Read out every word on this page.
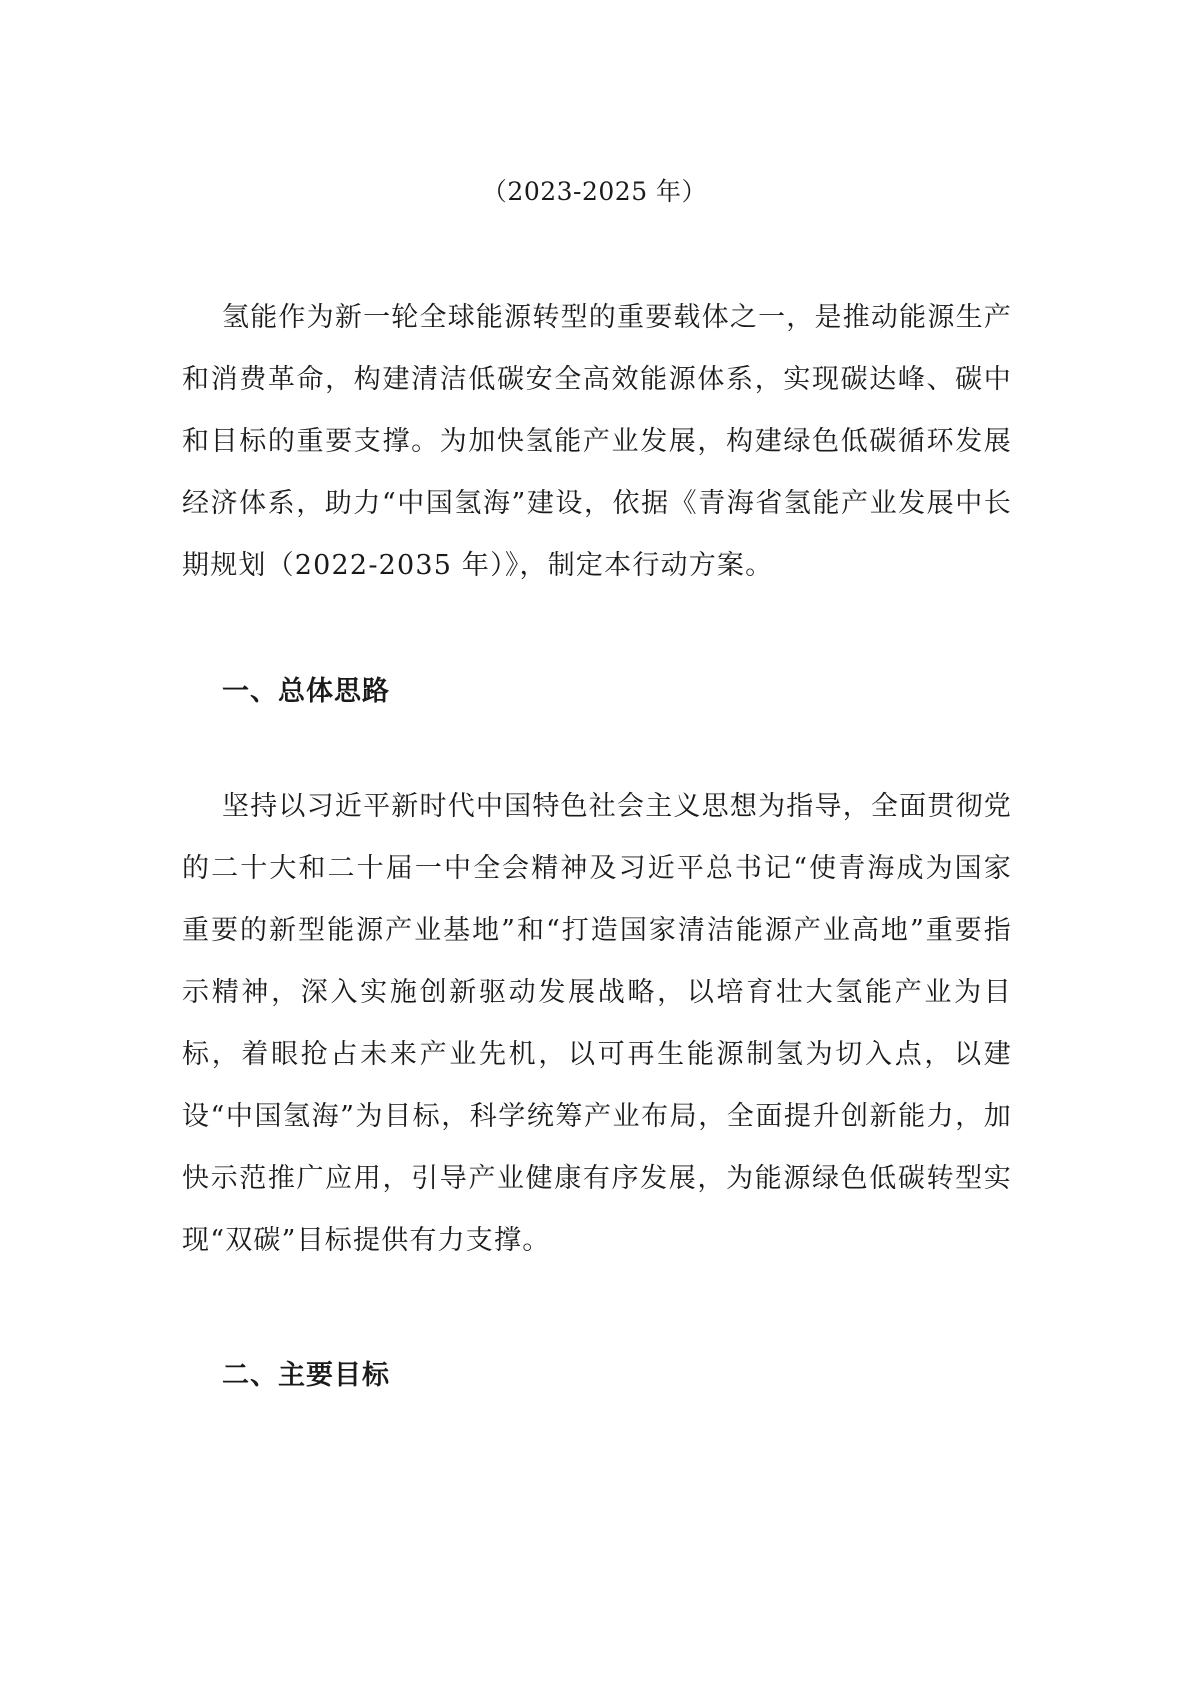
（2023-2025 年）

氢能作为新一轮全球能源转型的重要载体之一，是推动能源生产和消费革命，构建清洁低碳安全高效能源体系，实现碳达峰、碳中和目标的重要支撑。为加快氢能产业发展，构建绿色低碳循环发展经济体系，助力“中国氢海”建设，依据《青海省氢能产业发展中长期规划（2022-2035 年）》，制定本行动方案。

一、总体思路

坚持以习近平新时代中国特色社会主义思想为指导，全面贯彻党的二十大和二十届一中全会精神及习近平总书记“使青海成为国家重要的新型能源产业基地”和“打造国家清洁能源产业高地”重要指示精神，深入实施创新驱动发展战略，以培育壮大氢能产业为目标，着眼抢占未来产业先机，以可再生能源制氢为切入点，以建设“中国氢海”为目标，科学统筹产业布局，全面提升创新能力，加快示范推广应用，引导产业健康有序发展，为能源绿色低碳转型实现“双碳”目标提供有力支撑。

二、主要目标
